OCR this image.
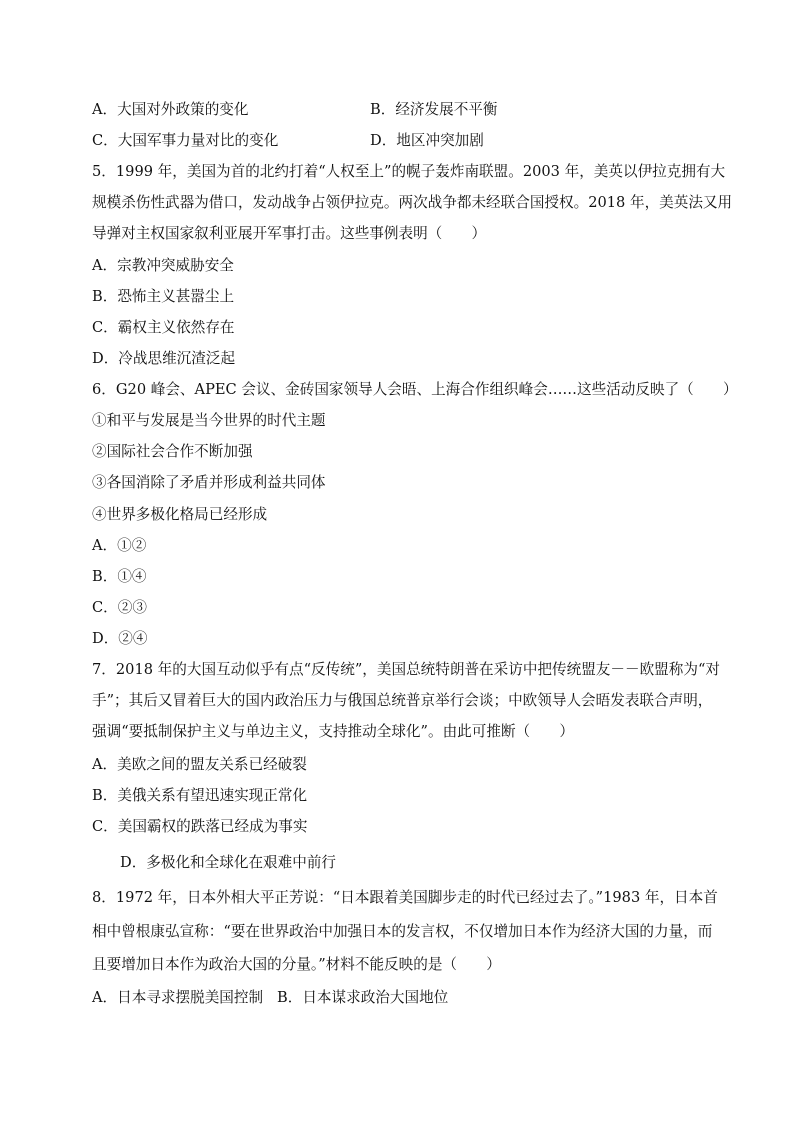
A．大国对外政策的变化	B．经济发展不平衡
C．大国军事力量对比的变化	D．地区冲突加剧
5．1999 年，美国为首的北约打着“人权至上”的幌子轰炸南联盟。2003 年，美英以伊拉克拥有大
规模杀伤性武器为借口，发动战争占领伊拉克。两次战争都未经联合国授权。2018 年，美英法又用
导弹对主权国家叙利亚展开军事打击。这些事例表明（　　）
A．宗教冲突威胁安全
B．恐怖主义甚嚣尘上
C．霸权主义依然存在
D．冷战思维沉渣泛起
6．G20 峰会、APEC 会议、金砖国家领导人会晤、上海合作组织峰会……这些活动反映了（　　）
①和平与发展是当今世界的时代主题
②国际社会合作不断加强
③各国消除了矛盾并形成利益共同体
④世界多极化格局已经形成
A．①②
B．①④
C．②③
D．②④
7．2018 年的大国互动似乎有点“反传统”，美国总统特朗普在采访中把传统盟友－－欧盟称为“对
手”；其后又冒着巨大的国内政治压力与俄国总统普京举行会谈；中欧领导人会晤发表联合声明，
强调“要抵制保护主义与单边主义，支持推动全球化”。由此可推断（　　）
A．美欧之间的盟友关系已经破裂
B．美俄关系有望迅速实现正常化
C．美国霸权的跌落已经成为事实
D．多极化和全球化在艰难中前行
8．1972 年，日本外相大平正芳说：“日本跟着美国脚步走的时代已经过去了。”1983 年，日本首
相中曾根康弘宣称：“要在世界政治中加强日本的发言权，不仅增加日本作为经济大国的力量，而
且要增加日本作为政治大国的分量。”材料不能反映的是（　　）
A．日本寻求摆脱美国控制 B．日本谋求政治大国地位
